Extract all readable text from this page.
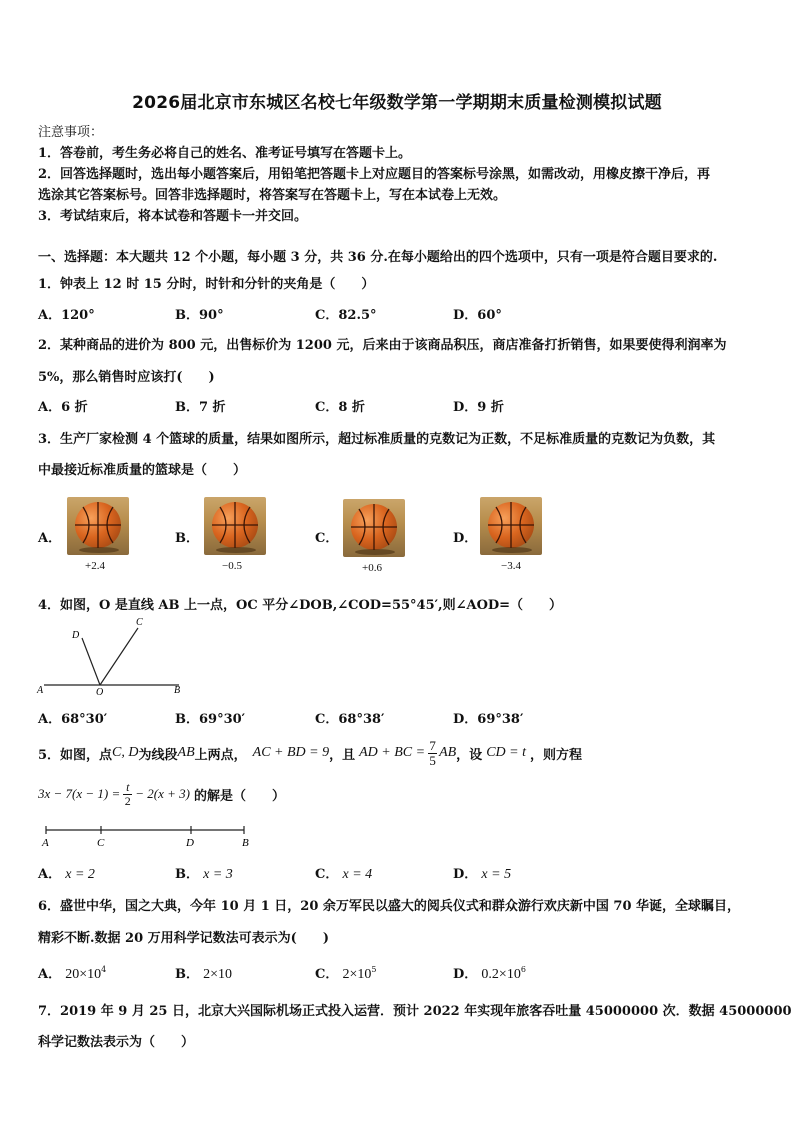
2026届北京市东城区名校七年级数学第一学期期末质量检测模拟试题
注意事项：
1．答卷前，考生务必将自己的姓名、准考证号填写在答题卡上。
2．回答选择题时，选出每小题答案后，用铅笔把答题卡上对应题目的答案标号涂黑，如需改动，用橡皮擦干净后，再
选涂其它答案标号。回答非选择题时，将答案写在答题卡上，写在本试卷上无效。
3．考试结束后，将本试卷和答题卡一并交回。
一、选择题：本大题共 12 个小题，每小题 3 分，共 36 分.在每小题给出的四个选项中，只有一项是符合题目要求的.
1．钟表上 12 时 15 分时，时针和分针的夹角是（　　）
A．120°	B．90°	C．82.5°	D．60°
2．某种商品的进价为 800 元，出售标价为 1200 元，后来由于该商品积压，商店准备打折销售，如果要使得利润率为
5%，那么销售时应该打(　　)
A．6 折	B．7 折	C．8 折	D．9 折
3．生产厂家检测 4 个篮球的质量，结果如图所示，超过标准质量的克数记为正数，不足标准质量的克数记为负数，其
中最接近标准质量的篮球是（　　）
A．
+2.4
B．
−0.5
C．
+0.6
D．
−3.4
4．如图，O 是直线 AB 上一点，OC 平分∠DOB,∠COD=55°45′,则∠AOD=（　　）
A	O	B
D
C
A．68°30′	B．69°30′	C．68°38′	D．69°38′
5．如图，点 C, D 为线段 AB 上两点， AC + BD = 9 ，且 AD + BC = $\frac{7}{5}$ AB ，设 CD = t ，则方程
$3x - 7(x - 1) = \frac{t}{2} - 2(x + 3)$ 的解是（　　）
A	C	D	B
A． x = 2	B． x = 3	C． x = 4	D． x = 5
6．盛世中华，国之大典，今年 10 月 1 日，20 余万军民以盛大的阅兵仪式和群众游行欢庆新中国 70 华诞，全球瞩目，
精彩不断.数据 20 万用科学记数法可表示为(　　)
A． $20\times 10^4$	B． 2×10	C． $2\times 10^5$	D． $0.2\times 10^6$
7．2019 年 9 月 25 日，北京大兴国际机场正式投入运营．预计 2022 年实现年旅客吞吐量 45000000 次．数据 45000000
科学记数法表示为（　　）
